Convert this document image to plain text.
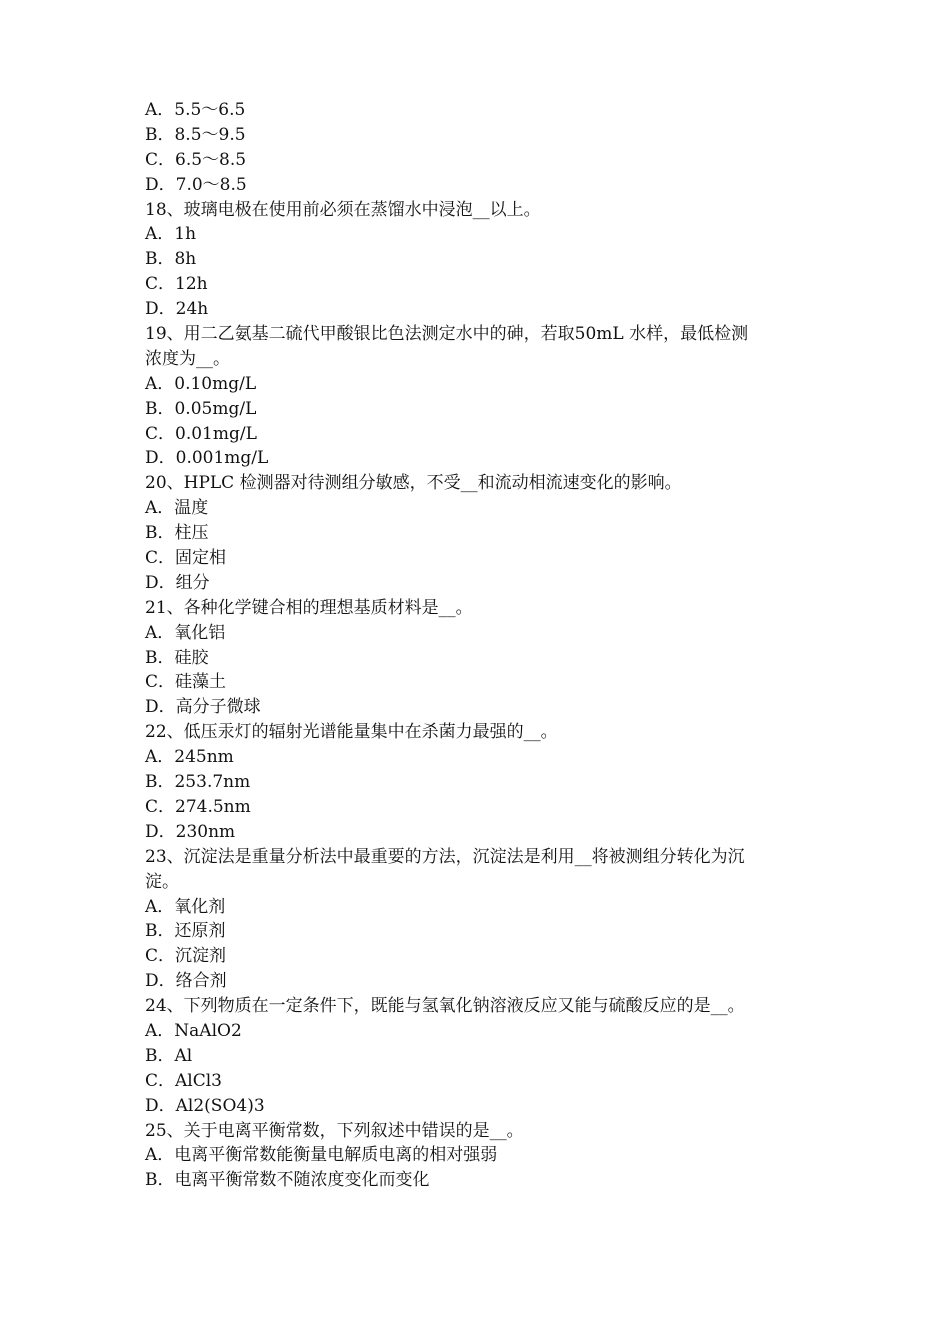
A．5.5～6.5
B．8.5～9.5
C．6.5～8.5
D．7.0～8.5
18、玻璃电极在使用前必须在蒸馏水中浸泡__以上。
A．1h
B．8h
C．12h
D．24h
19、用二乙氨基二硫代甲酸银比色法测定水中的砷，若取50mL 水样，最低检测
浓度为__。
A．0.10mg/L
B．0.05mg/L
C．0.01mg/L
D．0.001mg/L
20、HPLC 检测器对待测组分敏感，不受__和流动相流速变化的影响。
A．温度
B．柱压
C．固定相
D．组分
21、各种化学键合相的理想基质材料是__。
A．氧化铝
B．硅胶
C．硅藻土
D．高分子微球
22、低压汞灯的辐射光谱能量集中在杀菌力最强的__。
A．245nm
B．253.7nm
C．274.5nm
D．230nm
23、沉淀法是重量分析法中最重要的方法，沉淀法是利用__将被测组分转化为沉
淀。
A．氧化剂
B．还原剂
C．沉淀剂
D．络合剂
24、下列物质在一定条件下，既能与氢氧化钠溶液反应又能与硫酸反应的是__。
A．NaAlO2
B．Al
C．AlCl3
D．Al2(SO4)3
25、关于电离平衡常数，下列叙述中错误的是__。
A．电离平衡常数能衡量电解质电离的相对强弱
B．电离平衡常数不随浓度变化而变化
